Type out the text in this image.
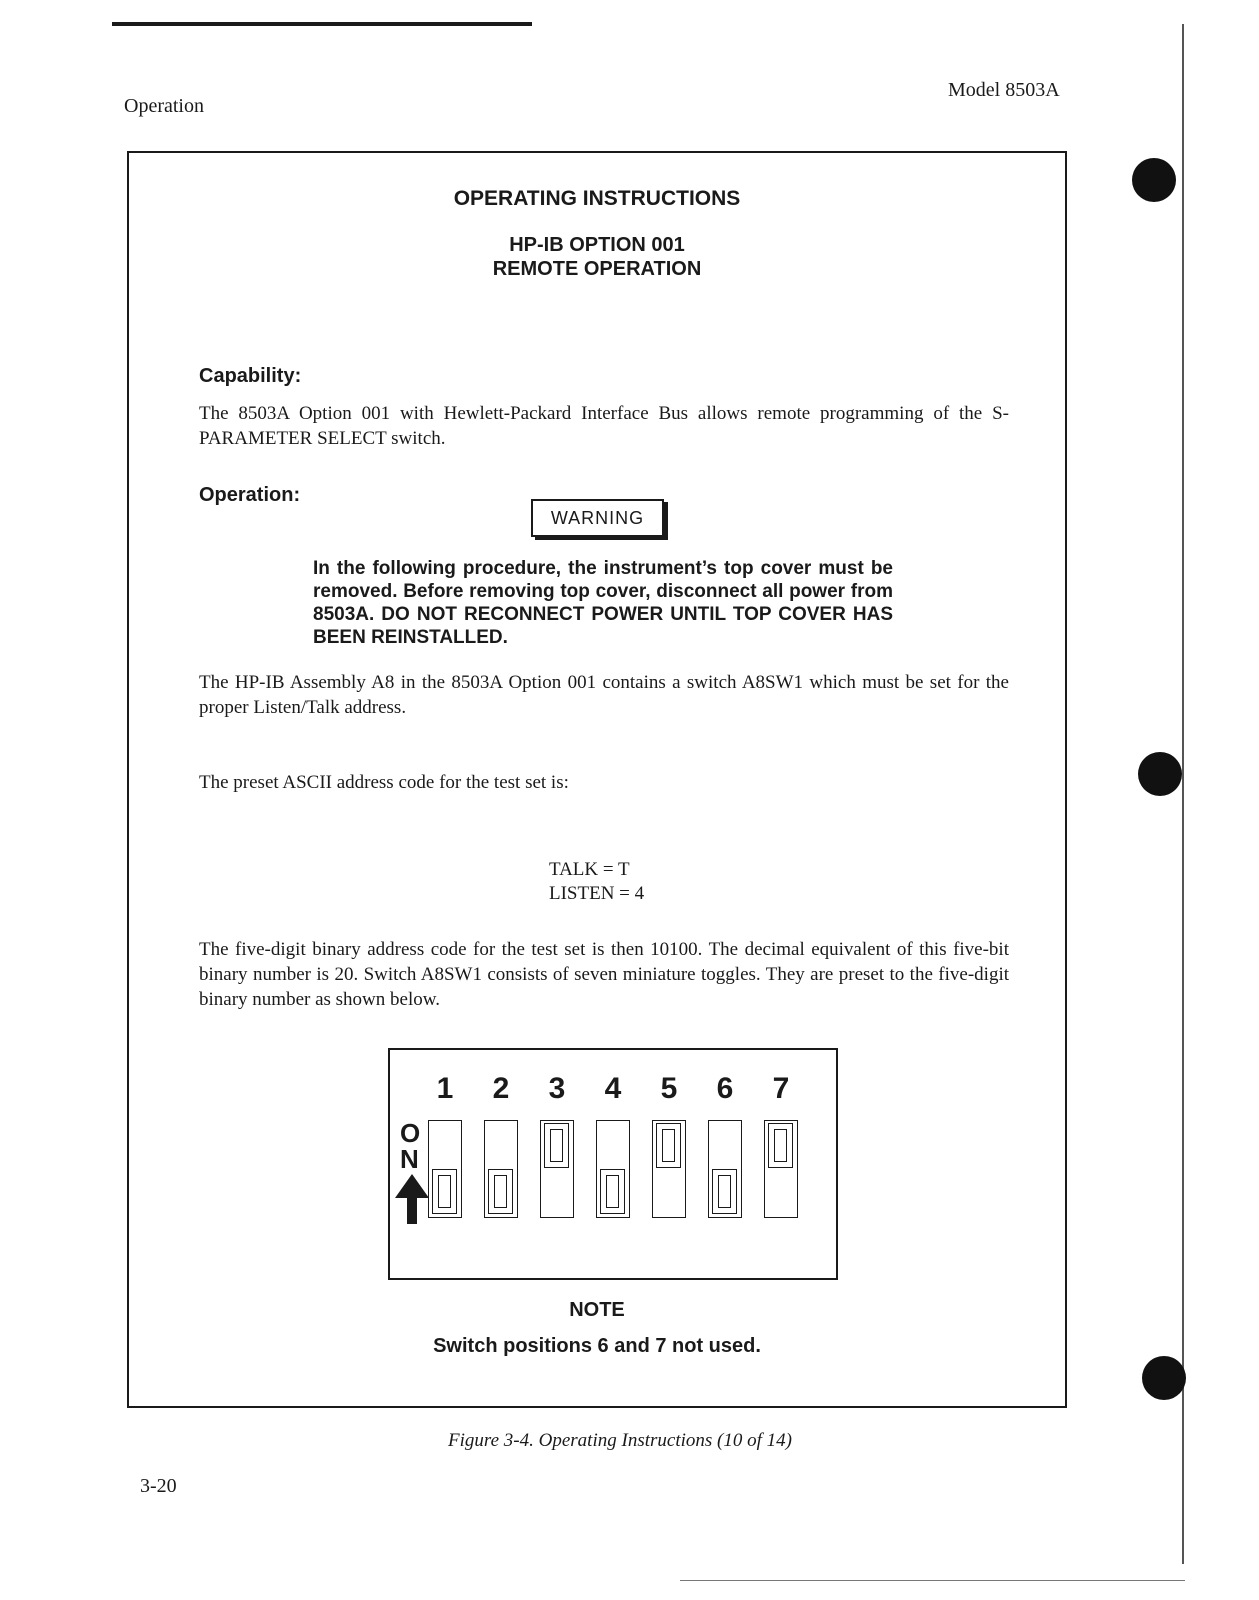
Operation
Model 8503A
OPERATING INSTRUCTIONS
HP-IB OPTION 001
REMOTE OPERATION
Capability:

The 8503A Option 001 with Hewlett-Packard Interface Bus allows remote programming of the S-PARAMETER SELECT switch.

Operation:
WARNING

In the following procedure, the instrument’s top cover must be removed. Before removing top cover, disconnect all power from 8503A. DO NOT RECONNECT POWER UNTIL TOP COVER HAS BEEN REINSTALLED.

The HP-IB Assembly A8 in the 8503A Option 001 contains a switch A8SW1 which must be set for the proper Listen/Talk address.

The preset ASCII address code for the test set is:

TALK = T
LISTEN = 4

The five-digit binary address code for the test set is then 10100. The decimal equivalent of this five-bit binary number is 20. Switch A8SW1 consists of seven miniature toggles. They are preset to the five-digit binary number as shown below.

O
N
1	2	3	4	5	6	7
NOTE
Switch positions 6 and 7 not used.
Figure 3-4. Operating Instructions (10 of 14)
3-20
